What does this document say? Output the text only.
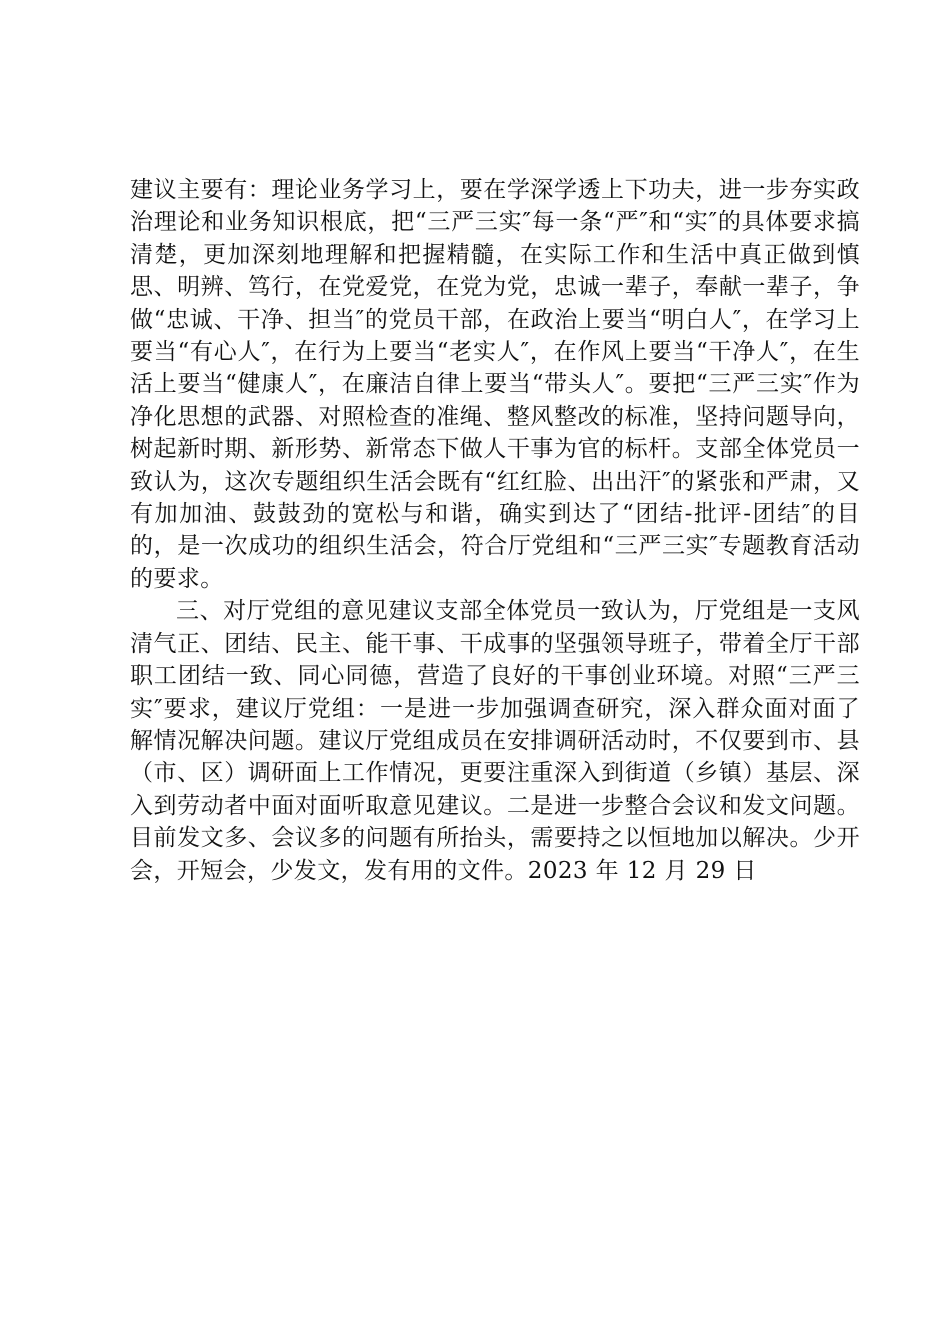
建议主要有：理论业务学习上，要在学深学透上下功夫，进一步夯实政治理论和业务知识根底，把“三严三实″每一条“严″和“实″的具体要求搞清楚，更加深刻地理解和把握精髓，在实际工作和生活中真正做到慎思、明辨、笃行，在党爱党，在党为党，忠诚一辈子，奉献一辈子，争做“忠诚、干净、担当″的党员干部，在政治上要当“明白人″，在学习上要当“有心人″，在行为上要当“老实人″，在作风上要当“干净人″，在生活上要当“健康人″，在廉洁自律上要当“带头人″。要把“三严三实″作为净化思想的武器、对照检查的准绳、整风整改的标准，坚持问题导向，树起新时期、新形势、新常态下做人干事为官的标杆。支部全体党员一致认为，这次专题组织生活会既有“红红脸、出出汗″的紧张和严肃，又有加加油、鼓鼓劲的宽松与和谐，确实到达了“团结-批评-团结″的目的，是一次成功的组织生活会，符合厅党组和“三严三实″专题教育活动的要求。

三、对厅党组的意见建议支部全体党员一致认为，厅党组是一支风清气正、团结、民主、能干事、干成事的坚强领导班子，带着全厅干部职工团结一致、同心同德，营造了良好的干事创业环境。对照“三严三实″要求，建议厅党组：一是进一步加强调查研究，深入群众面对面了解情况解决问题。建议厅党组成员在安排调研活动时，不仅要到市、县（市、区）调研面上工作情况，更要注重深入到街道（乡镇）基层、深入到劳动者中面对面听取意见建议。二是进一步整合会议和发文问题。目前发文多、会议多的问题有所抬头，需要持之以恒地加以解决。少开会，开短会，少发文，发有用的文件。2023 年 12 月 29 日
